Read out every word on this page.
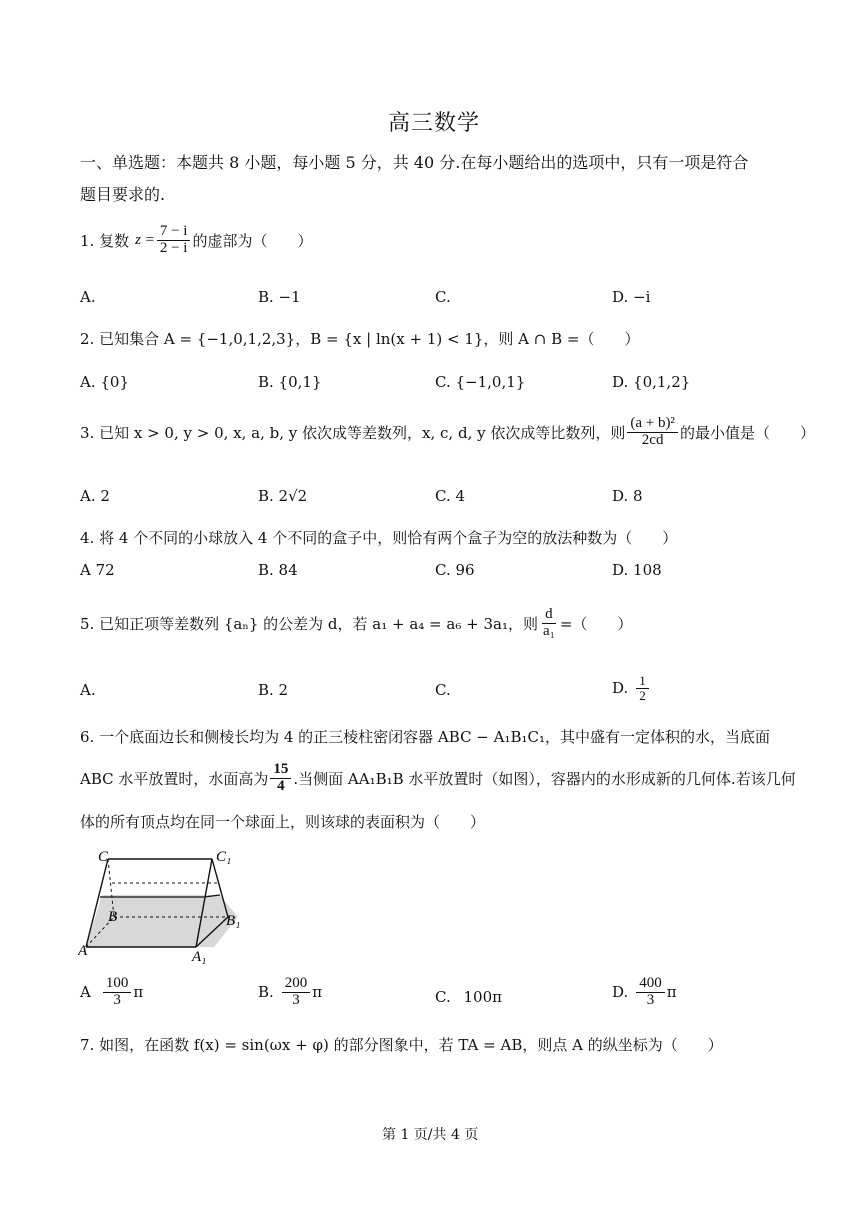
高三数学
一、单选题：本题共 8 小题，每小题 5 分，共 40 分.在每小题给出的选项中，只有一项是符合
题目要求的.
1. 复数 $z = \frac{7 - i}{2 - i}$ 的虚部为（　　）
A.	B. −1	C.	D. −i
2. 已知集合 A = {−1,0,1,2,3}，B = {x | ln(x + 1) < 1}，则 A ∩ B =（　　）
A. {0}	B. {0,1}	C. {−1,0,1}	D. {0,1,2}
3. 已知 x > 0, y > 0, x, a, b, y 依次成等差数列，x, c, d, y 依次成等比数列，则 $\frac{\text{(a + b)²}}{2cd}$ 的最小值是（　　）
A. 2	B. 2√2	C. 4	D. 8
4. 将 4 个不同的小球放入 4 个不同的盒子中，则恰有两个盒子为空的放法种数为（　　）
A 72	B. 84	C. 96	D. 108
5. 已知正项等差数列 {aₙ} 的公差为 d，若 a₁ + a₄ = a₆ + 3a₁，则 $\frac{d}{\text{a₁}}$ =（　　）
A.	B. 2	C.	D. $\frac{1}{2}$
6. 一个底面边长和侧棱长均为 4 的正三棱柱密闭容器 ABC − A₁B₁C₁，其中盛有一定体积的水，当底面
ABC 水平放置时，水面高为 $\frac{15}{4}$ .当侧面 AA₁B₁B 水平放置时（如图），容器内的水形成新的几何体.若该几何
体的所有顶点均在同一个球面上，则该球的表面积为（　　）
C	C₁
B	B₁
A	A₁
A $\frac{100}{3}$ π	B. $\frac{200}{3}$ π	C. 100π	D. $\frac{400}{3}$ π
7. 如图，在函数 f(x) = sin(ωx + φ) 的部分图象中，若 TA = AB，则点 A 的纵坐标为（　　）
第 1 页/共 4 页
